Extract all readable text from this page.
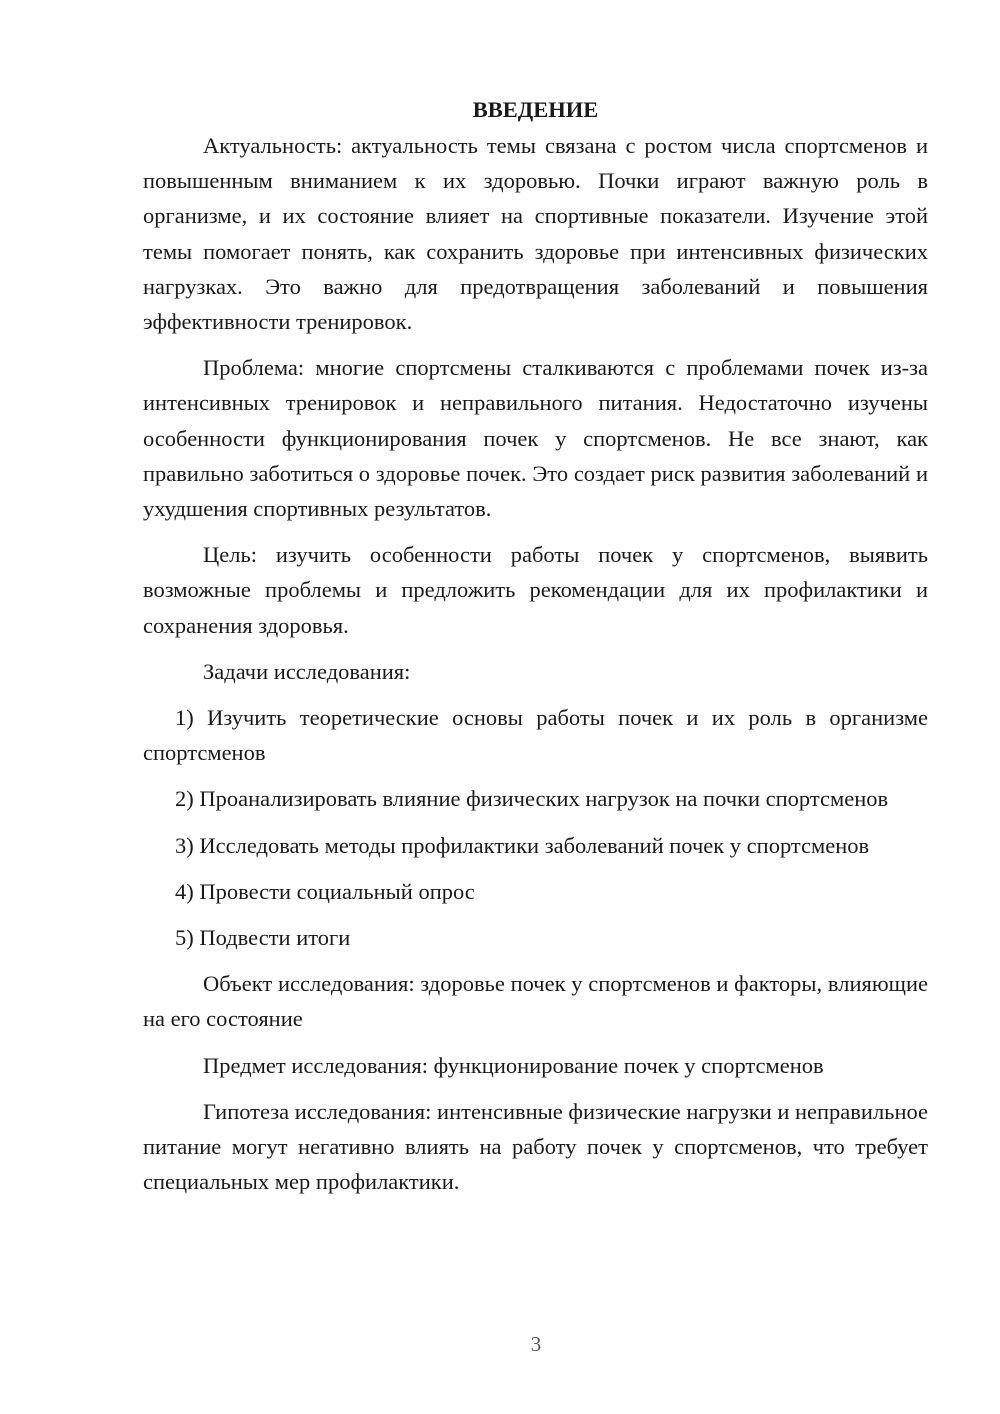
ВВЕДЕНИЕ

Актуальность: актуальность темы связана с ростом числа спортсменов и повышенным вниманием к их здоровью. Почки играют важную роль в организме, и их состояние влияет на спортивные показатели. Изучение этой темы помогает понять, как сохранить здоровье при интенсивных физических нагрузках. Это важно для предотвращения заболеваний и повышения эффективности тренировок.

Проблема: многие спортсмены сталкиваются с проблемами почек из-за интенсивных тренировок и неправильного питания. Недостаточно изучены особенности функционирования почек у спортсменов. Не все знают, как правильно заботиться о здоровье почек. Это создает риск развития заболеваний и ухудшения спортивных результатов.

Цель: изучить особенности работы почек у спортсменов, выявить возможные проблемы и предложить рекомендации для их профилактики и сохранения здоровья.

Задачи исследования:

1) Изучить теоретические основы работы почек и их роль в организме спортсменов

2) Проанализировать влияние физических нагрузок на почки спортсменов

3) Исследовать методы профилактики заболеваний почек у спортсменов

4) Провести социальный опрос

5) Подвести итоги

Объект исследования: здоровье почек у спортсменов и факторы, влияющие на его состояние

Предмет исследования: функционирование почек у спортсменов

Гипотеза исследования: интенсивные физические нагрузки и неправильное питание могут негативно влиять на работу почек у спортсменов, что требует специальных мер профилактики.

3
